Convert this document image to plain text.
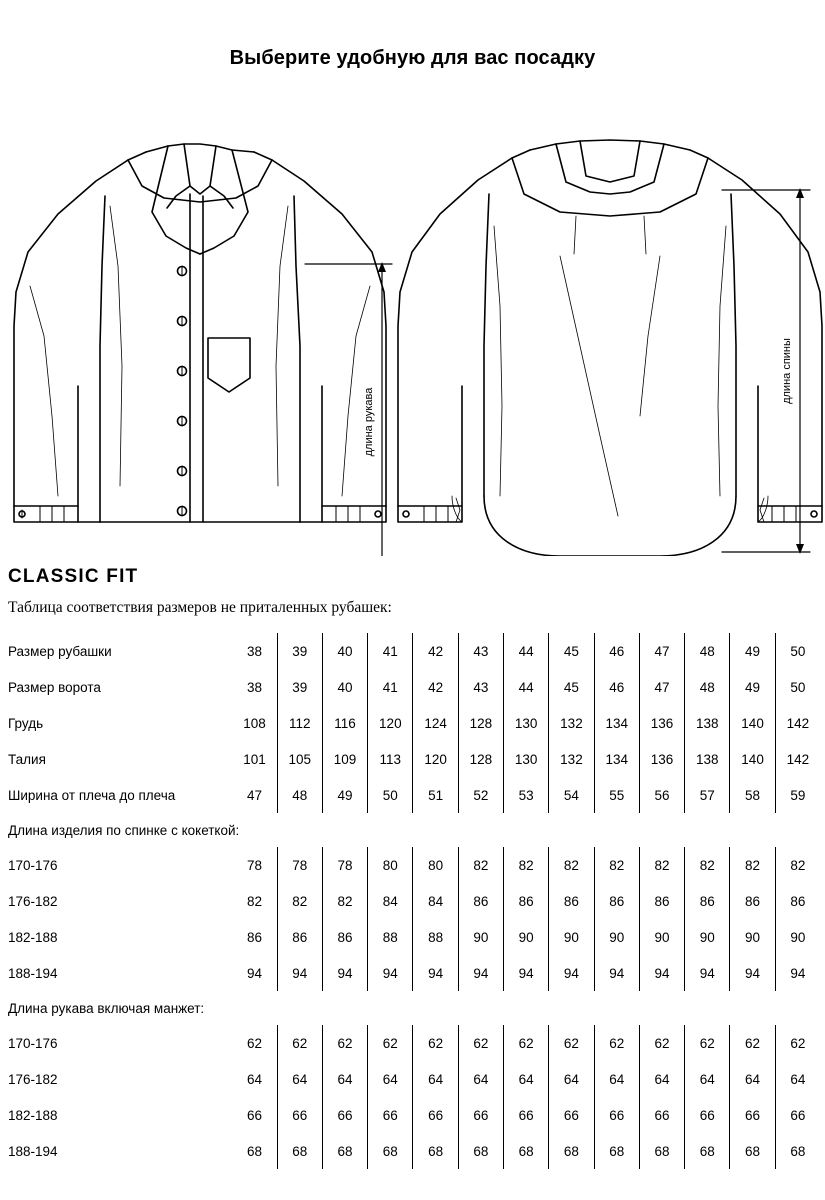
Выберите удобную для вас посадку
длина рукава
длина спины
CLASSIC FIT
Таблица соответствия размеров не приталенных рубашек:
Размер рубашки	38	39	40	41	42	43	44	45	46	47	48	49	50
Размер ворота	38	39	40	41	42	43	44	45	46	47	48	49	50
Грудь	108	112	116	120	124	128	130	132	134	136	138	140	142
Талия	101	105	109	113	120	128	130	132	134	136	138	140	142
Ширина от плеча до плеча	47	48	49	50	51	52	53	54	55	56	57	58	59
Длина изделия по спинке с кокеткой:													
170-176	78	78	78	80	80	82	82	82	82	82	82	82	82
176-182	82	82	82	84	84	86	86	86	86	86	86	86	86
182-188	86	86	86	88	88	90	90	90	90	90	90	90	90
188-194	94	94	94	94	94	94	94	94	94	94	94	94	94
Длина рукава включая манжет:													
170-176	62	62	62	62	62	62	62	62	62	62	62	62	62
176-182	64	64	64	64	64	64	64	64	64	64	64	64	64
182-188	66	66	66	66	66	66	66	66	66	66	66	66	66
188-194	68	68	68	68	68	68	68	68	68	68	68	68	68
